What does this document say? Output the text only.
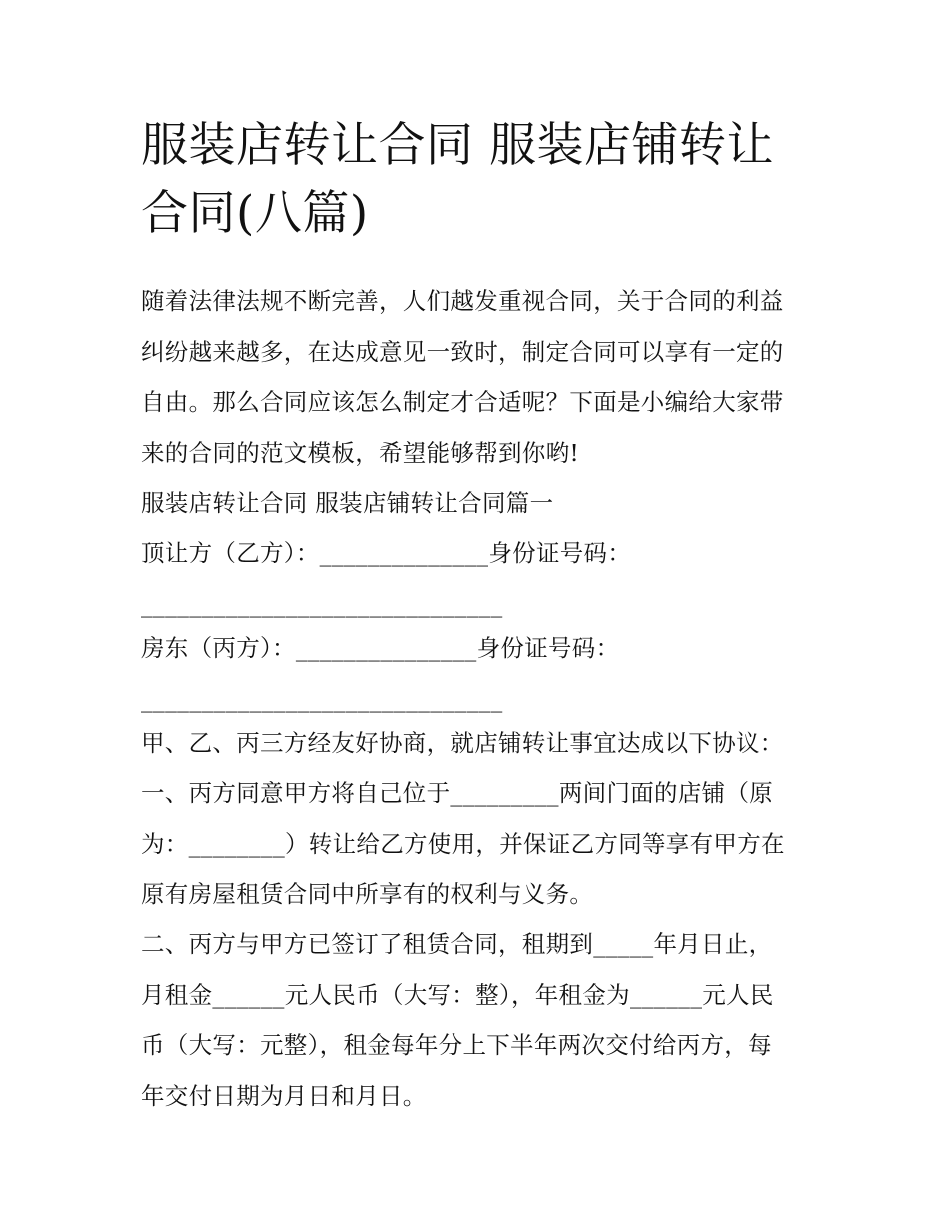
服装店转让合同 服装店铺转让
合同(八篇)

随着法律法规不断完善，人们越发重视合同，关于合同的利益
纠纷越来越多，在达成意见一致时，制定合同可以享有一定的
自由。那么合同应该怎么制定才合适呢？下面是小编给大家带
来的合同的范文模板，希望能够帮到你哟!

服装店转让合同 服装店铺转让合同篇一

顶让方（乙方）：______________身份证号码：
______________________________

房东（丙方）：_______________身份证号码：
______________________________

甲、乙、丙三方经友好协商，就店铺转让事宜达成以下协议：

一、丙方同意甲方将自己位于_________两间门面的店铺（原
为：________）转让给乙方使用，并保证乙方同等享有甲方在
原有房屋租赁合同中所享有的权利与义务。

二、丙方与甲方已签订了租赁合同，租期到_____年月日止，
月租金______元人民币（大写：整），年租金为______元人民
币（大写：元整），租金每年分上下半年两次交付给丙方，每
年交付日期为月日和月日。
